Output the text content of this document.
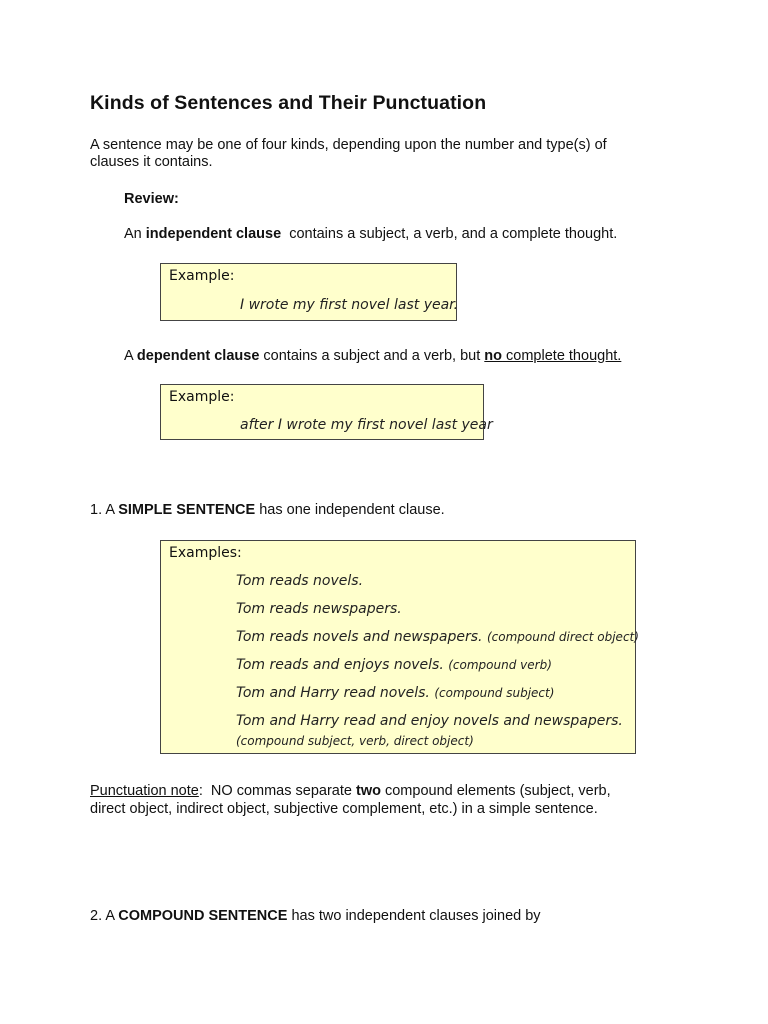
Kinds of Sentences and Their Punctuation
A sentence may be one of four kinds, depending upon the number and type(s) of
clauses it contains.
Review:
An independent clause  contains a subject, a verb, and a complete thought.
Example:
I wrote my first novel last year.
A dependent clause contains a subject and a verb, but no complete thought.
Example:
after I wrote my first novel last year
1. A SIMPLE SENTENCE has one independent clause.
Examples:
Tom reads novels.
Tom reads newspapers.
Tom reads novels and newspapers. (compound direct object)
Tom reads and enjoys novels. (compound verb)
Tom and Harry read novels. (compound subject)
Tom and Harry read and enjoy novels and newspapers.
(compound subject, verb, direct object)
Punctuation note:  NO commas separate two compound elements (subject, verb,
direct object, indirect object, subjective complement, etc.) in a simple sentence.
2. A COMPOUND SENTENCE has two independent clauses joined by
